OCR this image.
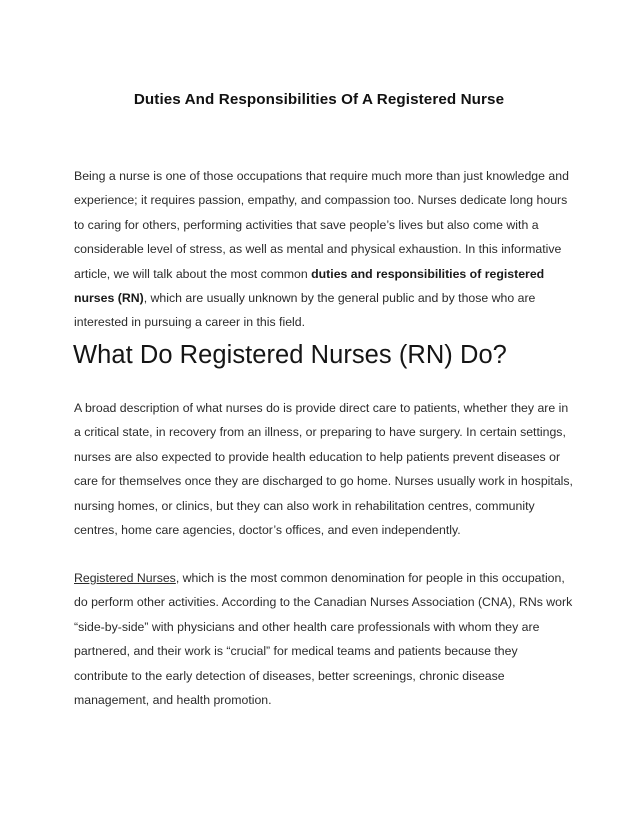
Duties And Responsibilities Of A Registered Nurse

Being a nurse is one of those occupations that require much more than just knowledge and experience; it requires passion, empathy, and compassion too. Nurses dedicate long hours to caring for others, performing activities that save people’s lives but also come with a considerable level of stress, as well as mental and physical exhaustion. In this informative article, we will talk about the most common duties and responsibilities of registered nurses (RN), which are usually unknown by the general public and by those who are interested in pursuing a career in this field.

What Do Registered Nurses (RN) Do?

A broad description of what nurses do is provide direct care to patients, whether they are in a critical state, in recovery from an illness, or preparing to have surgery. In certain settings, nurses are also expected to provide health education to help patients prevent diseases or care for themselves once they are discharged to go home. Nurses usually work in hospitals, nursing homes, or clinics, but they can also work in rehabilitation centres, community centres, home care agencies, doctor’s offices, and even independently.

Registered Nurses, which is the most common denomination for people in this occupation, do perform other activities. According to the Canadian Nurses Association (CNA), RNs work “side-by-side” with physicians and other health care professionals with whom they are partnered, and their work is “crucial” for medical teams and patients because they contribute to the early detection of diseases, better screenings, chronic disease management, and health promotion.
